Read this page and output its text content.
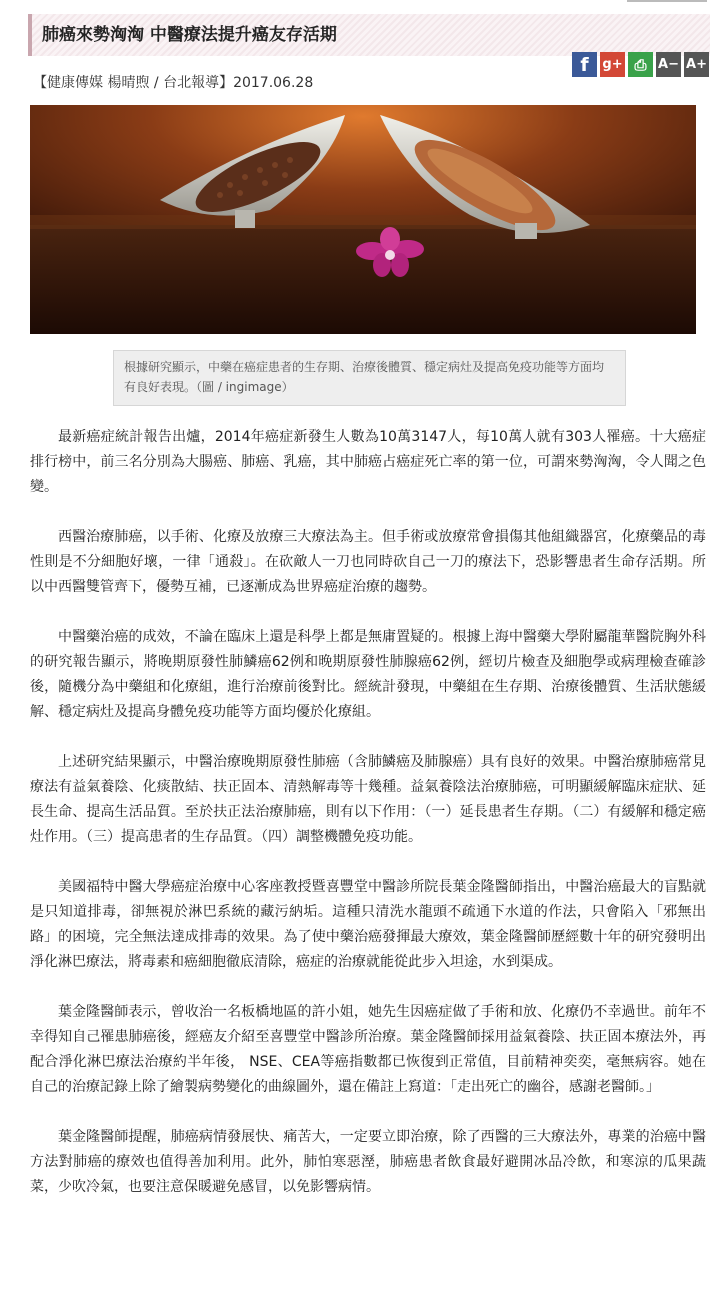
肺癌來勢洶洶 中醫療法提升癌友存活期
【健康傳媒 楊晴煦 / 台北報導】2017.06.28
f g+ ⎙ A− A+
根據研究顯示，中藥在癌症患者的生存期、治療後體質、穩定病灶及提高免疫功能等方面均有良好表現。（圖 / ingimage）

最新癌症統計報告出爐，2014年癌症新發生人數為10萬3147人，每10萬人就有303人罹癌。十大癌症排行榜中，前三名分別為大腸癌、肺癌、乳癌，其中肺癌占癌症死亡率的第一位，可謂來勢洶洶，令人聞之色變。

西醫治療肺癌，以手術、化療及放療三大療法為主。但手術或放療常會損傷其他組織器宮，化療藥品的毒性則是不分細胞好壞，一律「通殺」。在砍敵人一刀也同時砍自己一刀的療法下，恐影響患者生命存活期。所以中西醫雙管齊下，優勢互補，已逐漸成為世界癌症治療的趨勢。

中醫藥治癌的成效，不論在臨床上還是科學上都是無庸置疑的。根據上海中醫藥大學附屬龍華醫院胸外科的研究報告顯示，將晚期原發性肺鱗癌62例和晚期原發性肺腺癌62例，經切片檢查及細胞學或病理檢查確診後，隨機分為中藥組和化療組，進行治療前後對比。經統計發現，中藥組在生存期、治療後體質、生活狀態緩解、穩定病灶及提高身體免疫功能等方面均優於化療組。

上述研究結果顯示，中醫治療晚期原發性肺癌（含肺鱗癌及肺腺癌）具有良好的效果。中醫治療肺癌常見療法有益氣養陰、化痰散結、扶正固本、清熱解毒等十幾種。益氣養陰法治療肺癌，可明顯緩解臨床症狀、延長生命、提高生活品質。至於扶正法治療肺癌，則有以下作用：（一）延長患者生存期。（二）有緩解和穩定癌灶作用。（三）提高患者的生存品質。（四）調整機體免疫功能。

美國福特中醫大學癌症治療中心客座教授暨喜豐堂中醫診所院長葉金隆醫師指出，中醫治癌最大的盲點就是只知道排毒，卻無視於淋巴系統的藏污納垢。這種只清洗水龍頭不疏通下水道的作法，只會陷入「邪無出路」的困境，完全無法達成排毒的效果。為了使中藥治癌發揮最大療效，葉金隆醫師歷經數十年的研究發明出淨化淋巴療法，將毒素和癌細胞徹底清除，癌症的治療就能從此步入坦途，水到渠成。

葉金隆醫師表示，曾收治一名板橋地區的許小姐，她先生因癌症做了手術和放、化療仍不幸過世。前年不幸得知自己罹患肺癌後，經癌友介紹至喜豐堂中醫診所治療。葉金隆醫師採用益氣養陰、扶正固本療法外，再配合淨化淋巴療法治療約半年後， NSE、CEA等癌指數都已恢復到正常值，目前精神奕奕，毫無病容。她在自己的治療記錄上除了繪製病勢變化的曲線圖外，還在備註上寫道：「走出死亡的幽谷，感謝老醫師。」

葉金隆醫師提醒，肺癌病情發展快、痛苦大，一定要立即治療，除了西醫的三大療法外，專業的治癌中醫方法對肺癌的療效也值得善加利用。此外，肺怕寒惡溼，肺癌患者飲食最好避開冰品冷飲，和寒涼的瓜果蔬菜，少吹冷氣，也要注意保暖避免感冒，以免影響病情。
